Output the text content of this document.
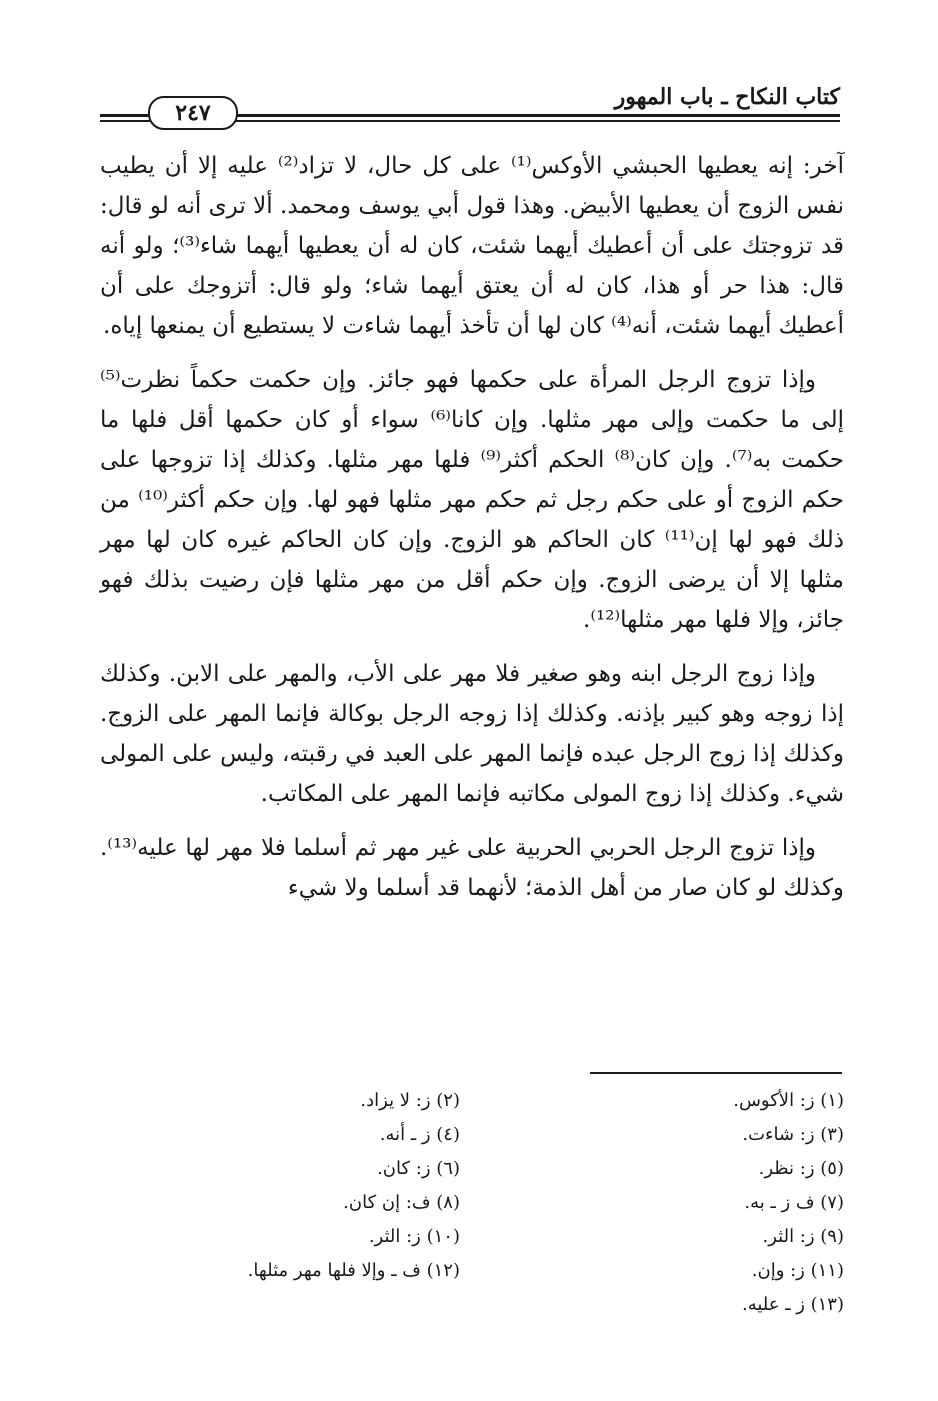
كتاب النكاح ـ باب المهور
٢٤٧

آخر: إنه يعطيها الحبشي الأوكس⁽¹⁾ على كل حال، لا تزاد⁽²⁾ عليه إلا أن يطيب نفس الزوج أن يعطيها الأبيض. وهذا قول أبي يوسف ومحمد. ألا ترى أنه لو قال: قد تزوجتك على أن أعطيك أيهما شئت، كان له أن يعطيها أيهما شاء⁽³⁾؛ ولو أنه قال: هذا حر أو هذا، كان له أن يعتق أيهما شاء؛ ولو قال: أتزوجك على أن أعطيك أيهما شئت، أنه⁽⁴⁾ كان لها أن تأخذ أيهما شاءت لا يستطيع أن يمنعها إياه.

وإذا تزوج الرجل المرأة على حكمها فهو جائز. وإن حكمت حكماً نظرت⁽⁵⁾ إلى ما حكمت وإلى مهر مثلها. وإن كانا⁽⁶⁾ سواء أو كان حكمها أقل فلها ما حكمت به⁽⁷⁾. وإن كان⁽⁸⁾ الحكم أكثر⁽⁹⁾ فلها مهر مثلها. وكذلك إذا تزوجها على حكم الزوج أو على حكم رجل ثم حكم مهر مثلها فهو لها. وإن حكم أكثر⁽¹⁰⁾ من ذلك فهو لها إن⁽¹¹⁾ كان الحاكم هو الزوج. وإن كان الحاكم غيره كان لها مهر مثلها إلا أن يرضى الزوج. وإن حكم أقل من مهر مثلها فإن رضيت بذلك فهو جائز، وإلا فلها مهر مثلها⁽¹²⁾.

وإذا زوج الرجل ابنه وهو صغير فلا مهر على الأب، والمهر على الابن. وكذلك إذا زوجه وهو كبير بإذنه. وكذلك إذا زوجه الرجل بوكالة فإنما المهر على الزوج. وكذلك إذا زوج الرجل عبده فإنما المهر على العبد في رقبته، وليس على المولى شيء. وكذلك إذا زوج المولى مكاتبه فإنما المهر على المكاتب.

وإذا تزوج الرجل الحربي الحربية على غير مهر ثم أسلما فلا مهر لها عليه⁽¹³⁾. وكذلك لو كان صار من أهل الذمة؛ لأنهما قد أسلما ولا شيء

(١) ز: الأكوس.
(٣) ز: شاءت.
(٥) ز: نظر.
(٧) ف ز ـ به.
(٩) ز: الثر.
(١١) ز: وإن.
(١٣) ز ـ عليه.
(٢) ز: لا يزاد.
(٤) ز ـ أنه.
(٦) ز: كان.
(٨) ف: إن كان.
(١٠) ز: الثر.
(١٢) ف ـ وإلا فلها مهر مثلها.
